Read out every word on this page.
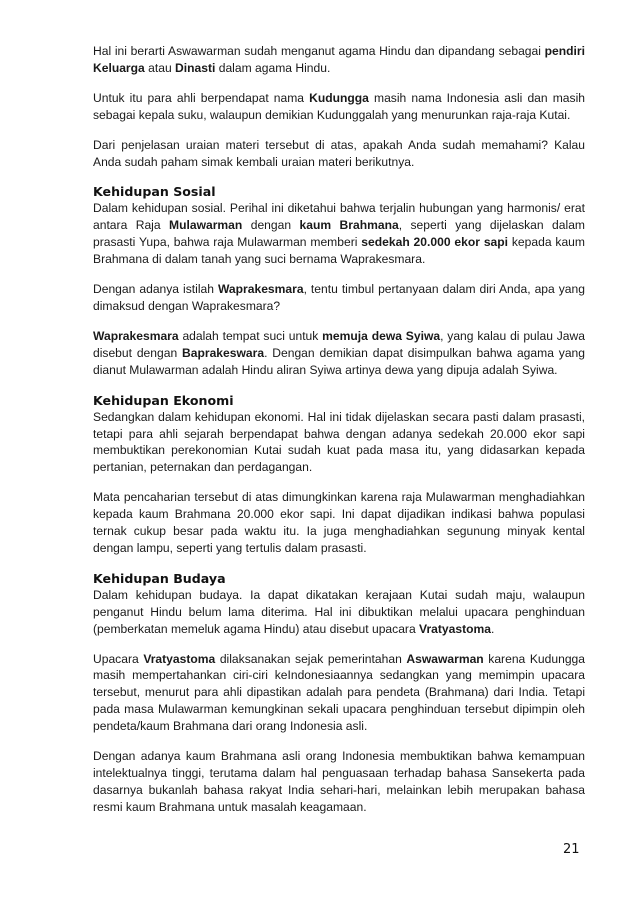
Hal ini berarti Aswawarman sudah menganut agama Hindu dan dipandang sebagai pendiri Keluarga atau Dinasti dalam agama Hindu.

Untuk itu para ahli berpendapat nama Kudungga masih nama Indonesia asli dan masih sebagai kepala suku, walaupun demikian Kudunggalah yang menurunkan raja-raja Kutai.

Dari penjelasan uraian materi tersebut di atas, apakah Anda sudah memahami? Kalau Anda sudah paham simak kembali uraian materi berikutnya.

Kehidupan Sosial

Dalam kehidupan sosial. Perihal ini diketahui bahwa terjalin hubungan yang harmonis/ erat antara Raja Mulawarman dengan kaum Brahmana, seperti yang dijelaskan dalam prasasti Yupa, bahwa raja Mulawarman memberi sedekah 20.000 ekor sapi kepada kaum Brahmana di dalam tanah yang suci bernama Waprakesmara.

Dengan adanya istilah Waprakesmara, tentu timbul pertanyaan dalam diri Anda, apa yang dimaksud dengan Waprakesmara?

Waprakesmara adalah tempat suci untuk memuja dewa Syiwa, yang kalau di pulau Jawa disebut dengan Baprakeswara. Dengan demikian dapat disimpulkan bahwa agama yang dianut Mulawarman adalah Hindu aliran Syiwa artinya dewa yang dipuja adalah Syiwa.

Kehidupan Ekonomi

Sedangkan dalam kehidupan ekonomi. Hal ini tidak dijelaskan secara pasti dalam prasasti, tetapi para ahli sejarah berpendapat bahwa dengan adanya sedekah 20.000 ekor sapi membuktikan perekonomian Kutai sudah kuat pada masa itu, yang didasarkan kepada pertanian, peternakan dan perdagangan.

Mata pencaharian tersebut di atas dimungkinkan karena raja Mulawarman menghadiahkan kepada kaum Brahmana 20.000 ekor sapi. Ini dapat dijadikan indikasi bahwa populasi ternak cukup besar pada waktu itu. Ia juga menghadiahkan segunung minyak kental dengan lampu, seperti yang tertulis dalam prasasti.

Kehidupan Budaya

Dalam kehidupan budaya. Ia dapat dikatakan kerajaan Kutai sudah maju, walaupun penganut Hindu belum lama diterima. Hal ini dibuktikan melalui upacara penghinduan (pemberkatan memeluk agama Hindu) atau disebut upacara Vratyastoma.

Upacara Vratyastoma dilaksanakan sejak pemerintahan Aswawarman karena Kudungga masih mempertahankan ciri-ciri keIndonesiaannya sedangkan yang memimpin upacara tersebut, menurut para ahli dipastikan adalah para pendeta (Brahmana) dari India. Tetapi pada masa Mulawarman kemungkinan sekali upacara penghinduan tersebut dipimpin oleh pendeta/kaum Brahmana dari orang Indonesia asli.

Dengan adanya kaum Brahmana asli orang Indonesia membuktikan bahwa kemampuan intelektualnya tinggi, terutama dalam hal penguasaan terhadap bahasa Sansekerta pada dasarnya bukanlah bahasa rakyat India sehari-hari, melainkan lebih merupakan bahasa resmi kaum Brahmana untuk masalah keagamaan.

21
